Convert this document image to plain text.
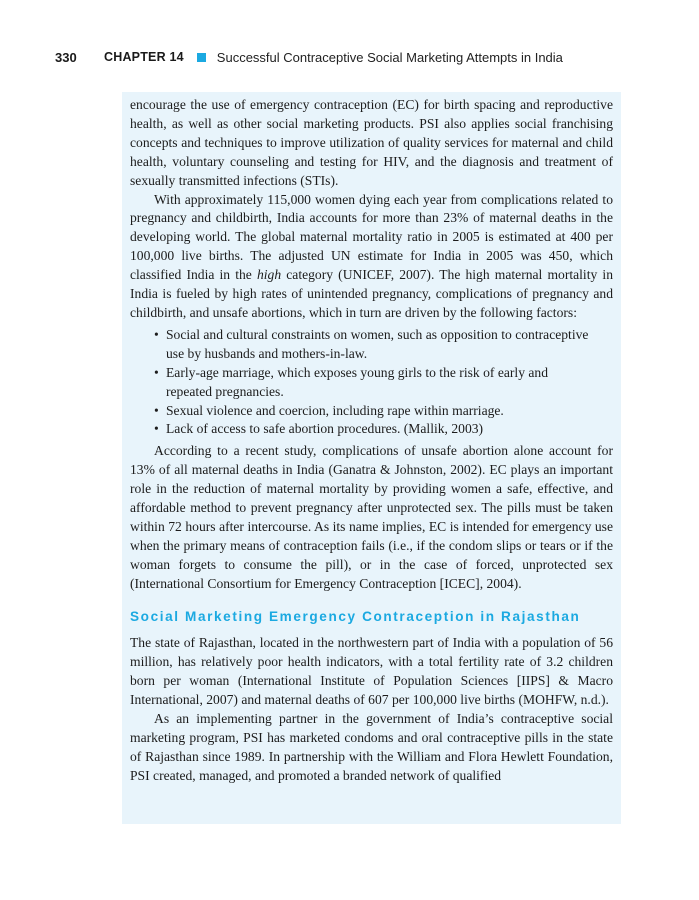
330	CHAPTER 14	Successful Contraceptive Social Marketing Attempts in India

encourage the use of emergency contraception (EC) for birth spacing and reproductive health, as well as other social marketing products. PSI also applies social franchising concepts and techniques to improve utilization of quality services for maternal and child health, voluntary counseling and testing for HIV, and the diagnosis and treatment of sexually transmitted infections (STIs).

With approximately 115,000 women dying each year from complications related to pregnancy and childbirth, India accounts for more than 23% of maternal deaths in the developing world. The global maternal mortality ratio in 2005 is estimated at 400 per 100,000 live births. The adjusted UN estimate for India in 2005 was 450, which classified India in the high category (UNICEF, 2007). The high maternal mortality in India is fueled by high rates of unintended pregnancy, complications of pregnancy and childbirth, and unsafe abortions, which in turn are driven by the following factors:

• Social and cultural constraints on women, such as opposition to contraceptive use by husbands and mothers-in-law.
• Early-age marriage, which exposes young girls to the risk of early and repeated pregnancies.
• Sexual violence and coercion, including rape within marriage.
• Lack of access to safe abortion procedures. (Mallik, 2003)

According to a recent study, complications of unsafe abortion alone account for 13% of all maternal deaths in India (Ganatra & Johnston, 2002). EC plays an important role in the reduction of maternal mortality by providing women a safe, effective, and affordable method to prevent pregnancy after unprotected sex. The pills must be taken within 72 hours after intercourse. As its name implies, EC is intended for emergency use when the primary means of contraception fails (i.e., if the condom slips or tears or if the woman forgets to consume the pill), or in the case of forced, unprotected sex (International Consortium for Emergency Contraception [ICEC], 2004).

Social Marketing Emergency Contraception in Rajasthan

The state of Rajasthan, located in the northwestern part of India with a population of 56 million, has relatively poor health indicators, with a total fertility rate of 3.2 children born per woman (International Institute of Population Sciences [IIPS] & Macro International, 2007) and maternal deaths of 607 per 100,000 live births (MOHFW, n.d.).

As an implementing partner in the government of India’s contraceptive social marketing program, PSI has marketed condoms and oral contraceptive pills in the state of Rajasthan since 1989. In partnership with the William and Flora Hewlett Foundation, PSI created, managed, and promoted a branded network of qualified
